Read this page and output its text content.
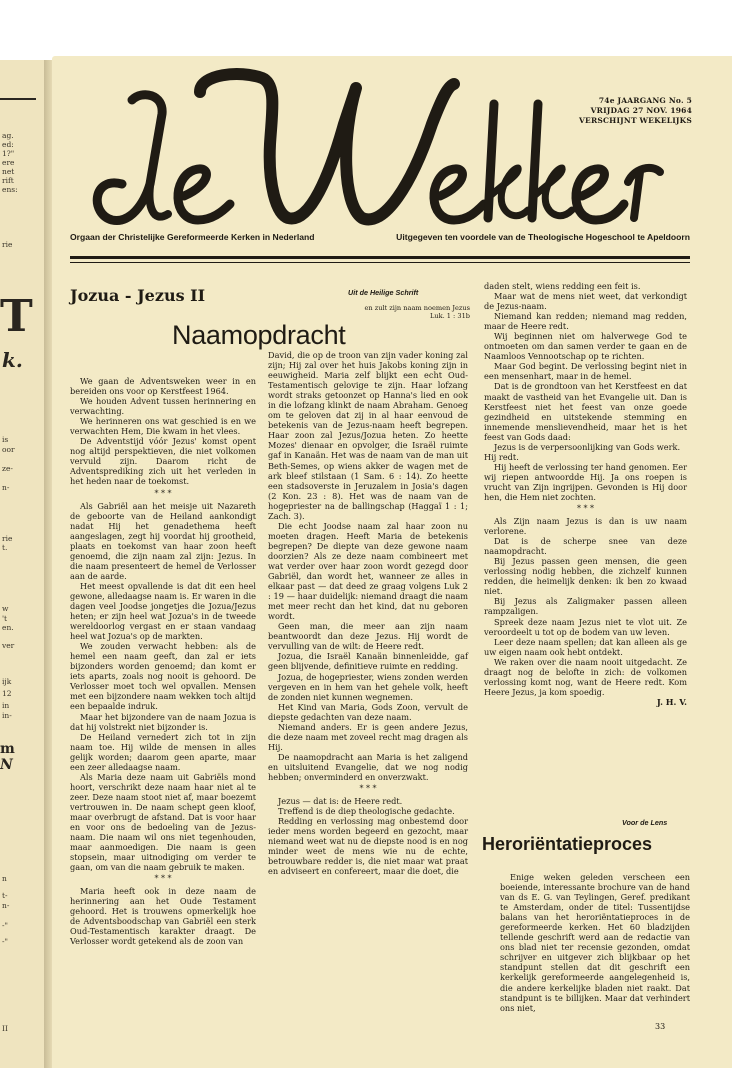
ag.
ed:
1?"
ere
net
rift
ens:
rie
T
k.
is
oor
ze-
n-
rie
t.
w
't
en.
ver
ijk
12
in
in-
m
N
n
t-
n-
-"
-"
II
74e JAARGANG No. 5
VRIJDAG 27 NOV. 1964
VERSCHIJNT WEKELIJKS
Orgaan der Christelijke Gereformeerde Kerken in Nederland	Uitgegeven ten voordele van de Theologische Hogeschool te Apeldoorn
Jozua - Jezus II	Uit de Heilige Schrift
en zult zijn naam noemen Jezus
Luk. 1 : 31b
Naamopdracht

We gaan de Adventsweken weer in en bereiden ons voor op Kerstfeest 1964.

We houden Advent tussen herinnering en verwachting.

We herinneren ons wat geschied is en we verwachten Hem, Die kwam in het vlees.

De Adventstijd vóór Jezus' komst opent nog altijd perspektieven, die niet volkomen vervuld zijn. Daarom richt de Adventsprediking zich uit het verleden in het heden naar de toekomst.

* * *

Als Gabriël aan het meisje uit Nazareth de geboorte van de Heiland aankondigt nadat Hij het genadethema heeft aangeslagen, zegt hij voordat hij grootheid, plaats en toekomst van haar zoon heeft genoemd, die zijn naam zal zijn: Jezus. In die naam presenteert de hemel de Verlosser aan de aarde.

Het meest opvallende is dat dit een heel gewone, alledaagse naam is. Er waren in die dagen veel Joodse jongetjes die Jozua/Jezus heten; er zijn heel wat Jozua's in de tweede wereldoorlog vergast en er staan vandaag heel wat Jozua's op de markten.

We zouden verwacht hebben: als de hemel een naam geeft, dan zal er iets bijzonders worden genoemd; dan komt er iets aparts, zoals nog nooit is gehoord. De Verlosser moet toch wel opvallen. Mensen met een bijzondere naam wekken toch altijd een bepaalde indruk.

Maar het bijzondere van de naam Jozua is dat hij volstrekt niet bijzonder is.

De Heiland vernedert zich tot in zijn naam toe. Hij wilde de mensen in alles gelijk worden; daarom geen aparte, maar een zeer alledaagse naam.

Als Maria deze naam uit Gabriëls mond hoort, verschrikt deze naam haar niet al te zeer. Deze naam stoot niet af, maar boezemt vertrouwen in. De naam schept geen kloof, maar overbrugt de afstand. Dat is voor haar en voor ons de bedoeling van de Jezus-naam. Die naam wil ons niet tegenhouden, maar aanmoedigen. Die naam is geen stopsein, maar uitnodiging om verder te gaan, om van die naam gebruik te maken.

* * *

Maria heeft ook in deze naam de herinnering aan het Oude Testament gehoord. Het is trouwens opmerkelijk hoe de Adventsboodschap van Gabriël een sterk Oud-Testamentisch karakter draagt. De Verlosser wordt getekend als de zoon van

David, die op de troon van zijn vader koning zal zijn; Hij zal over het huis Jakobs koning zijn in eeuwigheid. Maria zelf blijkt een echt Oud-Testamentisch gelovige te zijn. Haar lofzang wordt straks getoonzet op Hanna's lied en ook in die lofzang klinkt de naam Abraham. Genoeg om te geloven dat zij in al haar eenvoud de betekenis van de Jezus-naam heeft begrepen. Haar zoon zal Jezus/Jozua heten. Zo heette Mozes' dienaar en opvolger, die Israël ruimte gaf in Kanaän. Het was de naam van de man uit Beth-Semes, op wiens akker de wagen met de ark bleef stilstaan (1 Sam. 6 : 14). Zo heette een stadsoverste in Jeruzalem in Josia's dagen (2 Kon. 23 : 8). Het was de naam van de hogepriester na de ballingschap (Haggaï 1 : 1; Zach. 3).

Die echt Joodse naam zal haar zoon nu moeten dragen. Heeft Maria de betekenis begrepen? De diepte van deze gewone naam doorzien? Als ze deze naam combineert met wat verder over haar zoon wordt gezegd door Gabriël, dan wordt het, wanneer ze alles in elkaar past — dat deed ze graag volgens Luk 2 : 19 — haar duidelijk: niemand draagt die naam met meer recht dan het kind, dat nu geboren wordt.

Geen man, die meer aan zijn naam beantwoordt dan deze Jezus. Hij wordt de vervulling van de wilt: de Heere redt.

Jozua, die Israël Kanaän binnenleidde, gaf geen blijvende, definitieve ruimte en redding.

Jozua, de hogepriester, wiens zonden werden vergeven en in hem van het gehele volk, heeft de zonden niet kunnen wegnemen.

Het Kind van Maria, Gods Zoon, vervult de diepste gedachten van deze naam.

Niemand anders. Er is geen andere Jezus, die deze naam met zoveel recht mag dragen als Hij.

De naamopdracht aan Maria is het zaligend en uitsluitend Evangelie, dat we nog nodig hebben; onverminderd en onverzwakt.

* * *

Jezus — dat is: de Heere redt.

Treffend is de diep theologische gedachte.

Redding en verlossing mag onbestemd door ieder mens worden begeerd en gezocht, maar niemand weet wat nu de diepste nood is en nog minder weet de mens wie nu de echte, betrouwbare redder is, die niet maar wat praat en adviseert en confereert, maar die doet, die

daden stelt, wiens redding een feit is.

Maar wat de mens niet weet, dat verkondigt de Jezus-naam.

Niemand kan redden; niemand mag redden, maar de Heere redt.

Wij beginnen niet om halverwege God te ontmoeten om dan samen verder te gaan en de Naamloos Vennootschap op te richten.

Maar God begint. De verlossing begint niet in een mensenhart, maar in de hemel.

Dat is de grondtoon van het Kerstfeest en dat maakt de vastheid van het Evangelie uit. Dan is Kerstfeest niet het feest van onze goede gezindheid en uitstekende stemming en innemende menslievendheid, maar het is het feest van Gods daad:

Jezus is de verpersoonlijking van Gods werk.

Hij redt.

Hij heeft de verlossing ter hand genomen. Eer wij riepen antwoordde Hij. Ja ons roepen is vrucht van Zijn ingrijpen. Gevonden is Hij door hen, die Hem niet zochten.

* * *

Als Zijn naam Jezus is dan is uw naam verlorene.

Dat is de scherpe snee van deze naamopdracht.

Bij Jezus passen geen mensen, die geen verlossing nodig hebben, die zichzelf kunnen redden, die heimelijk denken: ik ben zo kwaad niet.

Bij Jezus als Zaligmaker passen alleen rampzaligen.

Spreek deze naam Jezus niet te vlot uit. Ze veroordeelt u tot op de bodem van uw leven.

Leer deze naam spellen; dat kan alleen als ge uw eigen naam ook hebt ontdekt.

We raken over die naam nooit uitgedacht. Ze draagt nog de belofte in zich: de volkomen verlossing komt nog, want de Heere redt. Kom Heere Jezus, ja kom spoedig.

J. H. V.

Voor de Lens
Heroriëntatieproces

Enige weken geleden verscheen een boeiende, interessante brochure van de hand van ds E. G. van Teylingen, Geref. predikant te Amsterdam, onder de titel: Tussentijdse balans van het heroriëntatieproces in de gereformeerde kerken. Het 60 bladzijden tellende geschrift werd aan de redactie van ons blad niet ter recensie gezonden, omdat schrijver en uitgever zich blijkbaar op het standpunt stellen dat dit geschrift een kerkelijk gereformeerde aangelegenheid is, die andere kerkelijke bladen niet raakt. Dat standpunt is te billijken. Maar dat verhindert ons niet,

33
